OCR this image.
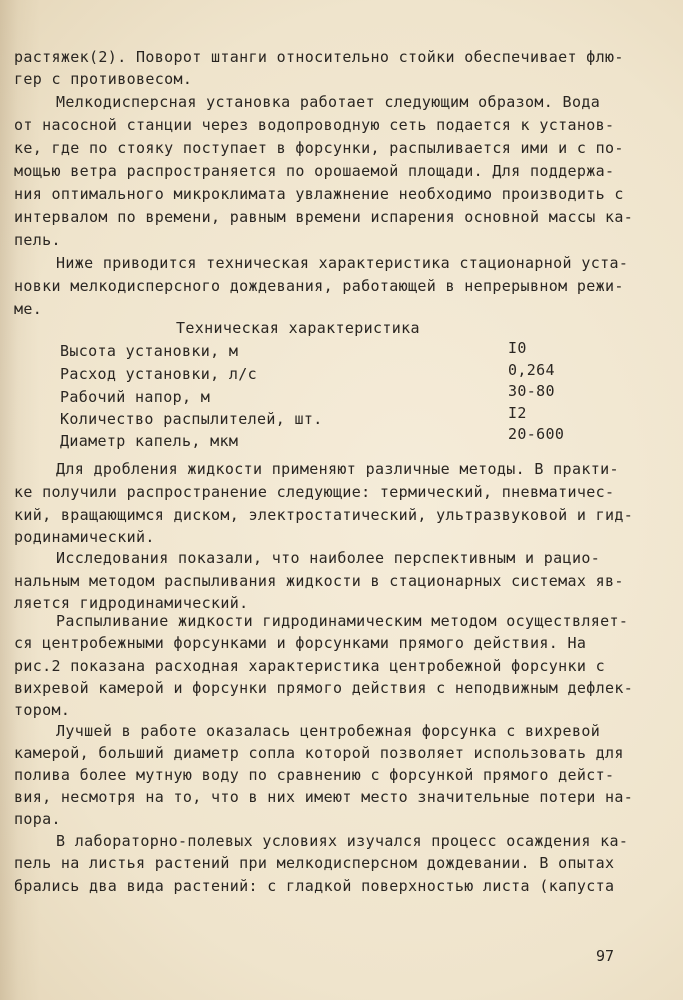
растяжек(2). Поворот штанги относительно стойки обеспечивает флю-
гер с противовесом.
Мелкодисперсная установка работает следующим образом. Вода
от насосной станции через водопроводную сеть подается к установ-
ке, где по стояку поступает в форсунки, распыливается ими и с по-
мощью ветра распространяется по орошаемой площади. Для поддержа-
ния оптимального микроклимата увлажнение необходимо производить с
интервалом по времени, равным времени испарения основной массы ка-
пель.
Ниже приводится техническая характеристика стационарной уста-
новки мелкодисперсного дождевания, работающей в непрерывном режи-
ме.
Техническая характеристика
Высота установки, м	I0
Расход установки, л/с	0,264
Рабочий напор, м	30-80
Количество распылителей, шт.	I2
Диаметр капель, мкм	20-600
Для дробления жидкости применяют различные методы. В практи-
ке получили распространение следующие: термический, пневматичес-
кий, вращающимся диском, электростатический, ультразвуковой и гид-
родинамический.
Исследования показали, что наиболее перспективным и рацио-
нальным методом распыливания жидкости в стационарных системах яв-
ляется гидродинамический.
Распыливание жидкости гидродинамическим методом осуществляет-
ся центробежными форсунками и форсунками прямого действия. На
рис.2 показана расходная характеристика центробежной форсунки с
вихревой камерой и форсунки прямого действия с неподвижным дефлек-
тором.
Лучшей в работе оказалась центробежная форсунка с вихревой
камерой, больший диаметр сопла которой позволяет использовать для
полива более мутную воду по сравнению с форсункой прямого дейст-
вия, несмотря на то, что в них имеют место значительные потери на-
пора.
В лабораторно-полевых условиях изучался процесс осаждения ка-
пель на листья растений при мелкодисперсном дождевании. В опытах
брались два вида растений: с гладкой поверхностью листа (капуста
97
